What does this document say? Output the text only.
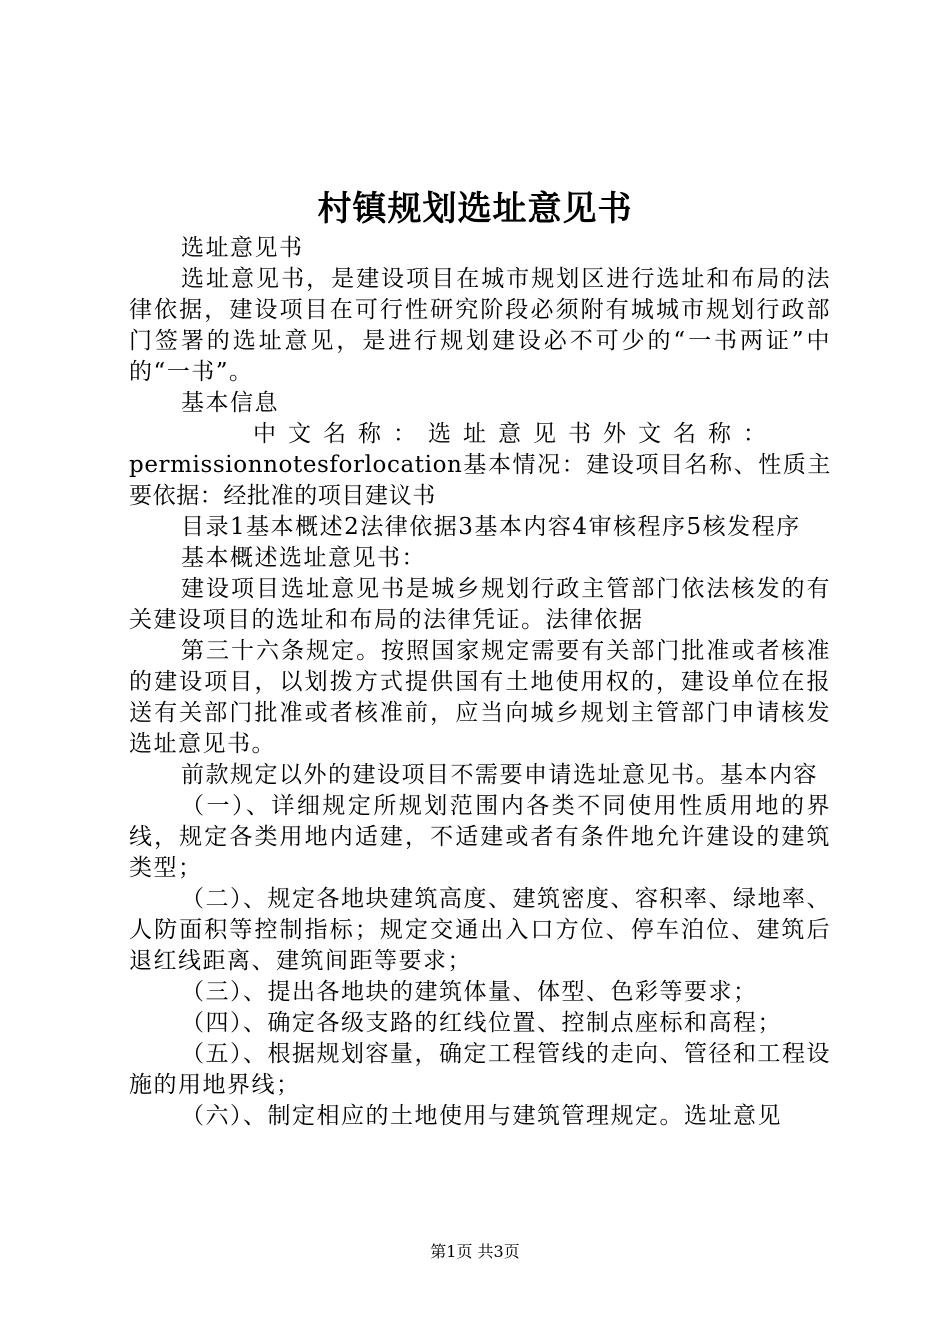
村镇规划选址意见书

选址意见书

选址意见书，是建设项目在城市规划区进行选址和布局的法律依据，建设项目在可行性研究阶段必须附有城城市规划行政部门签署的选址意见，是进行规划建设必不可少的“一书两证”中的“一书”。

基本信息

中文名称：选址意见书外文名称：

permissionnotesforlocation基本情况：建设项目名称、性质主要依据：经批准的项目建议书

目录1基本概述2法律依据3基本内容4审核程序5核发程序

基本概述选址意见书：

建设项目选址意见书是城乡规划行政主管部门依法核发的有关建设项目的选址和布局的法律凭证。法律依据

第三十六条规定。按照国家规定需要有关部门批准或者核准的建设项目，以划拨方式提供国有土地使用权的，建设单位在报送有关部门批准或者核准前，应当向城乡规划主管部门申请核发选址意见书。

前款规定以外的建设项目不需要申请选址意见书。基本内容

（一）、详细规定所规划范围内各类不同使用性质用地的界线，规定各类用地内适建，不适建或者有条件地允许建设的建筑类型；

（二）、规定各地块建筑高度、建筑密度、容积率、绿地率、人防面积等控制指标；规定交通出入口方位、停车泊位、建筑后退红线距离、建筑间距等要求；

（三）、提出各地块的建筑体量、体型、色彩等要求；

（四）、确定各级支路的红线位置、控制点座标和高程；

（五）、根据规划容量，确定工程管线的走向、管径和工程设施的用地界线；

（六）、制定相应的土地使用与建筑管理规定。选址意见

第1页 共3页
